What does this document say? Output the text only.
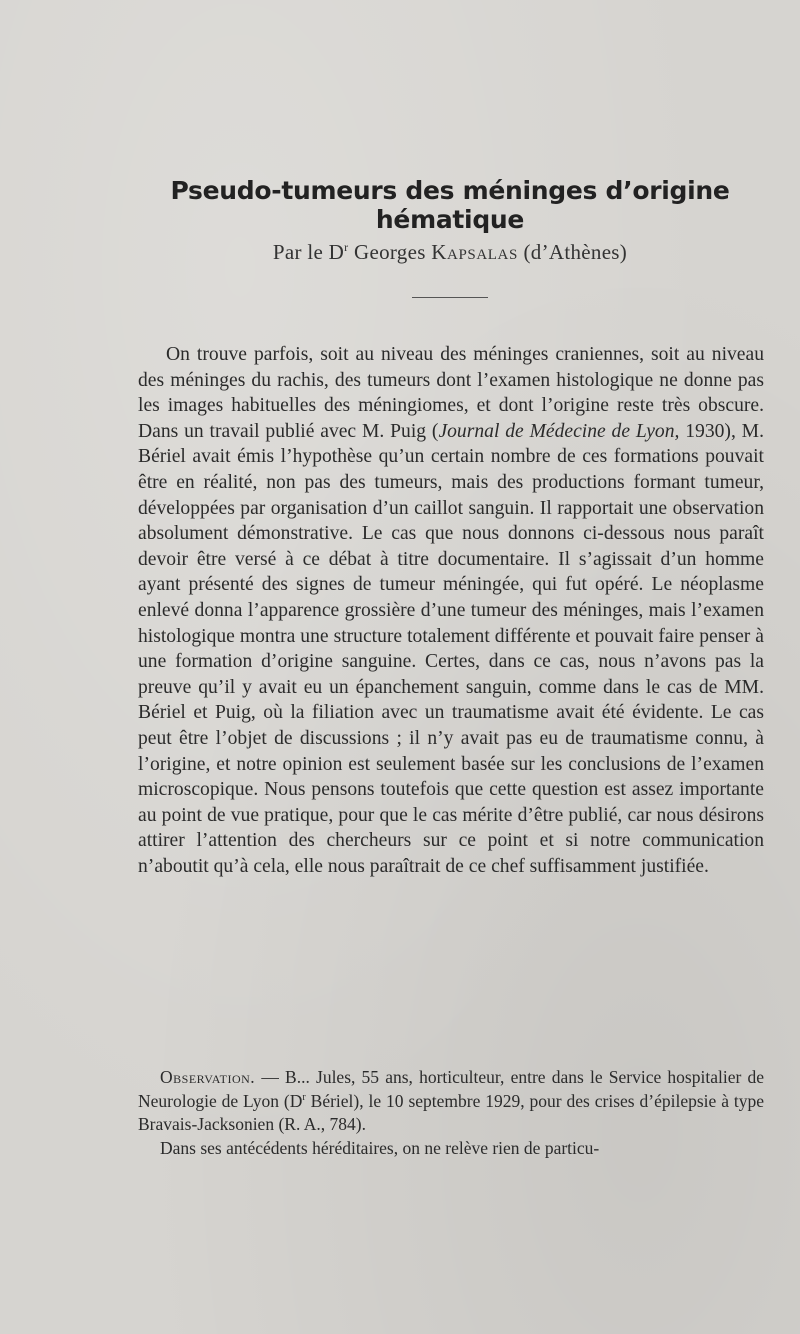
Pseudo-tumeurs des méninges d’origine hématique
Par le $D^r$ Georges Kapsalas (d’Athènes)

On trouve parfois, soit au niveau des méninges craniennes, soit au niveau des méninges du rachis, des tumeurs dont l’examen histologique ne donne pas les images habituelles des méningiomes, et dont l’origine reste très obscure. Dans un travail publié avec M. Puig (Journal de Médecine de Lyon, 1930), M. Bériel avait émis l’hypothèse qu’un certain nombre de ces formations pouvait être en réalité, non pas des tumeurs, mais des productions formant tumeur, développées par organisation d’un caillot sanguin. Il rapportait une observation absolument démonstrative. Le cas que nous donnons ci-dessous nous paraît devoir être versé à ce débat à titre documentaire. Il s’agissait d’un homme ayant présenté des signes de tumeur méningée, qui fut opéré. Le néoplasme enlevé donna l’apparence grossière d’une tumeur des méninges, mais l’examen histologique montra une structure totalement différente et pouvait faire penser à une formation d’origine sanguine. Certes, dans ce cas, nous n’avons pas la preuve qu’il y avait eu un épanchement sanguin, comme dans le cas de MM. Bériel et Puig, où la filiation avec un traumatisme avait été évidente. Le cas peut être l’objet de discussions ; il n’y avait pas eu de traumatisme connu, à l’origine, et notre opinion est seulement basée sur les conclusions de l’examen microscopique. Nous pensons toutefois que cette question est assez importante au point de vue pratique, pour que le cas mérite d’être publié, car nous désirons attirer l’attention des chercheurs sur ce point et si notre communication n’aboutit qu’à cela, elle nous paraîtrait de ce chef suffisamment justifiée.

Observation. — B... Jules, 55 ans, horticulteur, entre dans le Service hospitalier de Neurologie de Lyon ($D^r$ Bériel), le 10 septembre 1929, pour des crises d’épilepsie à type Bravais-Jacksonien (R. A., 784).

Dans ses antécédents héréditaires, on ne relève rien de particu-
